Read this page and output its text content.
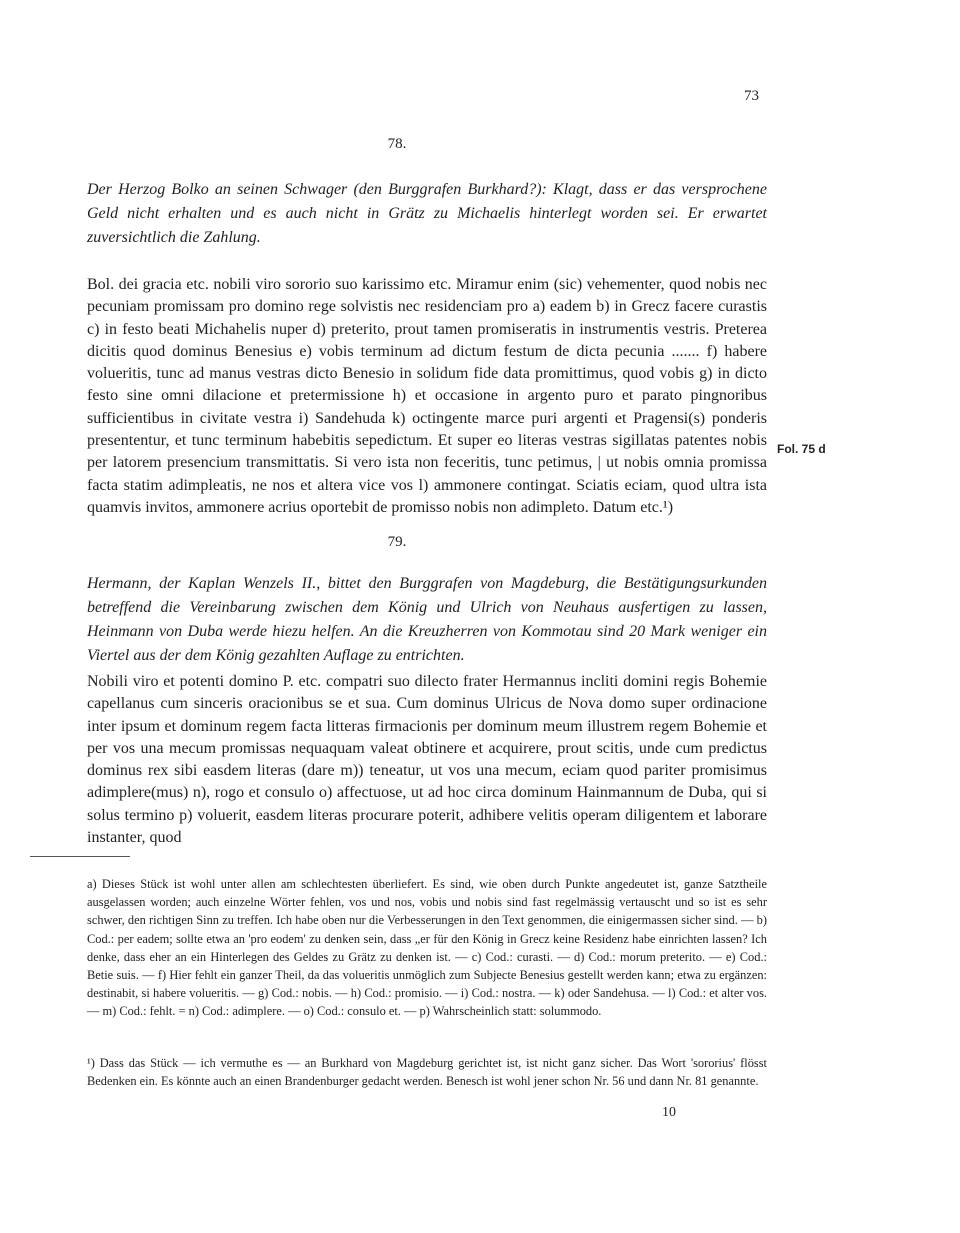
73
78.
Der Herzog Bolko an seinen Schwager (den Burggrafen Burkhard?): Klagt, dass er das versprochene Geld nicht erhalten und es auch nicht in Grätz zu Michaelis hinterlegt worden sei. Er erwartet zuversichtlich die Zahlung.
Bol. dei gracia etc. nobili viro sororio suo karissimo etc. Miramur enim (sic) vehementer, quod nobis nec pecuniam promissam pro domino rege solvistis nec residenciam pro a) eadem b) in Grecz facere curastis c) in festo beati Michahelis nuper d) preterito, prout tamen promiseratis in instrumentis vestris. Preterea dicitis quod dominus Benesius e) vobis terminum ad dictum festum de dicta pecunia ....... f) habere volueritis, tunc ad manus vestras dicto Benesio in solidum fide data promittimus, quod vobis g) in dicto festo sine omni dilacione et pretermissione h) et occasione in argento puro et parato pingnoribus sufficientibus in civitate vestra i) Sandehuda k) octingente marce puri argenti et Pragensi(s) ponderis presententur, et tunc terminum habebitis sepedictum. Et super eo literas vestras sigillatas patentes nobis per latorem presencium transmittatis. Si vero ista non feceritis, tunc petimus, | ut nobis omnia promissa facta statim adimpleatis, ne nos et altera vice vos l) ammonere contingat. Sciatis eciam, quod ultra ista quamvis invitos, ammonere acrius oportebit de promisso nobis non adimpleto. Datum etc.¹)
Fol. 75 d
79.
Hermann, der Kaplan Wenzels II., bittet den Burggrafen von Magdeburg, die Bestätigungsurkunden betreffend die Vereinbarung zwischen dem König und Ulrich von Neuhaus ausfertigen zu lassen, Heinmann von Duba werde hiezu helfen. An die Kreuzherren von Kommotau sind 20 Mark weniger ein Viertel aus der dem König gezahlten Auflage zu entrichten.
Nobili viro et potenti domino P. etc. compatri suo dilecto frater Hermannus incliti domini regis Bohemie capellanus cum sinceris oracionibus se et sua. Cum dominus Ulricus de Nova domo super ordinacione inter ipsum et dominum regem facta litteras firmacionis per dominum meum illustrem regem Bohemie et per vos una mecum promissas nequaquam valeat obtinere et acquirere, prout scitis, unde cum predictus dominus rex sibi easdem literas (dare m)) teneatur, ut vos una mecum, eciam quod pariter promisimus adimplere(mus) n), rogo et consulo o) affectuose, ut ad hoc circa dominum Hainmannum de Duba, qui si solus termino p) voluerit, easdem literas procurare poterit, adhibere velitis operam diligentem et laborare instanter, quod
a) Dieses Stück ist wohl unter allen am schlechtesten überliefert. Es sind, wie oben durch Punkte angedeutet ist, ganze Satztheile ausgelassen worden; auch einzelne Wörter fehlen, vos und nos, vobis und nobis sind fast regelmässig vertauscht und so ist es sehr schwer, den richtigen Sinn zu treffen. Ich habe oben nur die Verbesserungen in den Text genommen, die einigermassen sicher sind. — b) Cod.: per eadem; sollte etwa an 'pro eodem' zu denken sein, dass „er für den König in Grecz keine Residenz habe einrichten lassen? Ich denke, dass eher an ein Hinterlegen des Geldes zu Grätz zu denken ist. — c) Cod.: curasti. — d) Cod.: morum preterito. — e) Cod.: Betie suis. — f) Hier fehlt ein ganzer Theil, da das volueritis unmöglich zum Subjecte Benesius gestellt werden kann; etwa zu ergänzen: destinabit, si habere volueritis. — g) Cod.: nobis. — h) Cod.: promisio. — i) Cod.: nostra. — k) oder Sandehusa. — l) Cod.: et alter vos. — m) Cod.: fehlt. = n) Cod.: adimplere. — o) Cod.: consulo et. — p) Wahrscheinlich statt: solummodo.
¹) Dass das Stück — ich vermuthe es — an Burkhard von Magdeburg gerichtet ist, ist nicht ganz sicher. Das Wort 'sororius' flösst Bedenken ein. Es könnte auch an einen Brandenburger gedacht werden. Benesch ist wohl jener schon Nr. 56 und dann Nr. 81 genannte.
10
